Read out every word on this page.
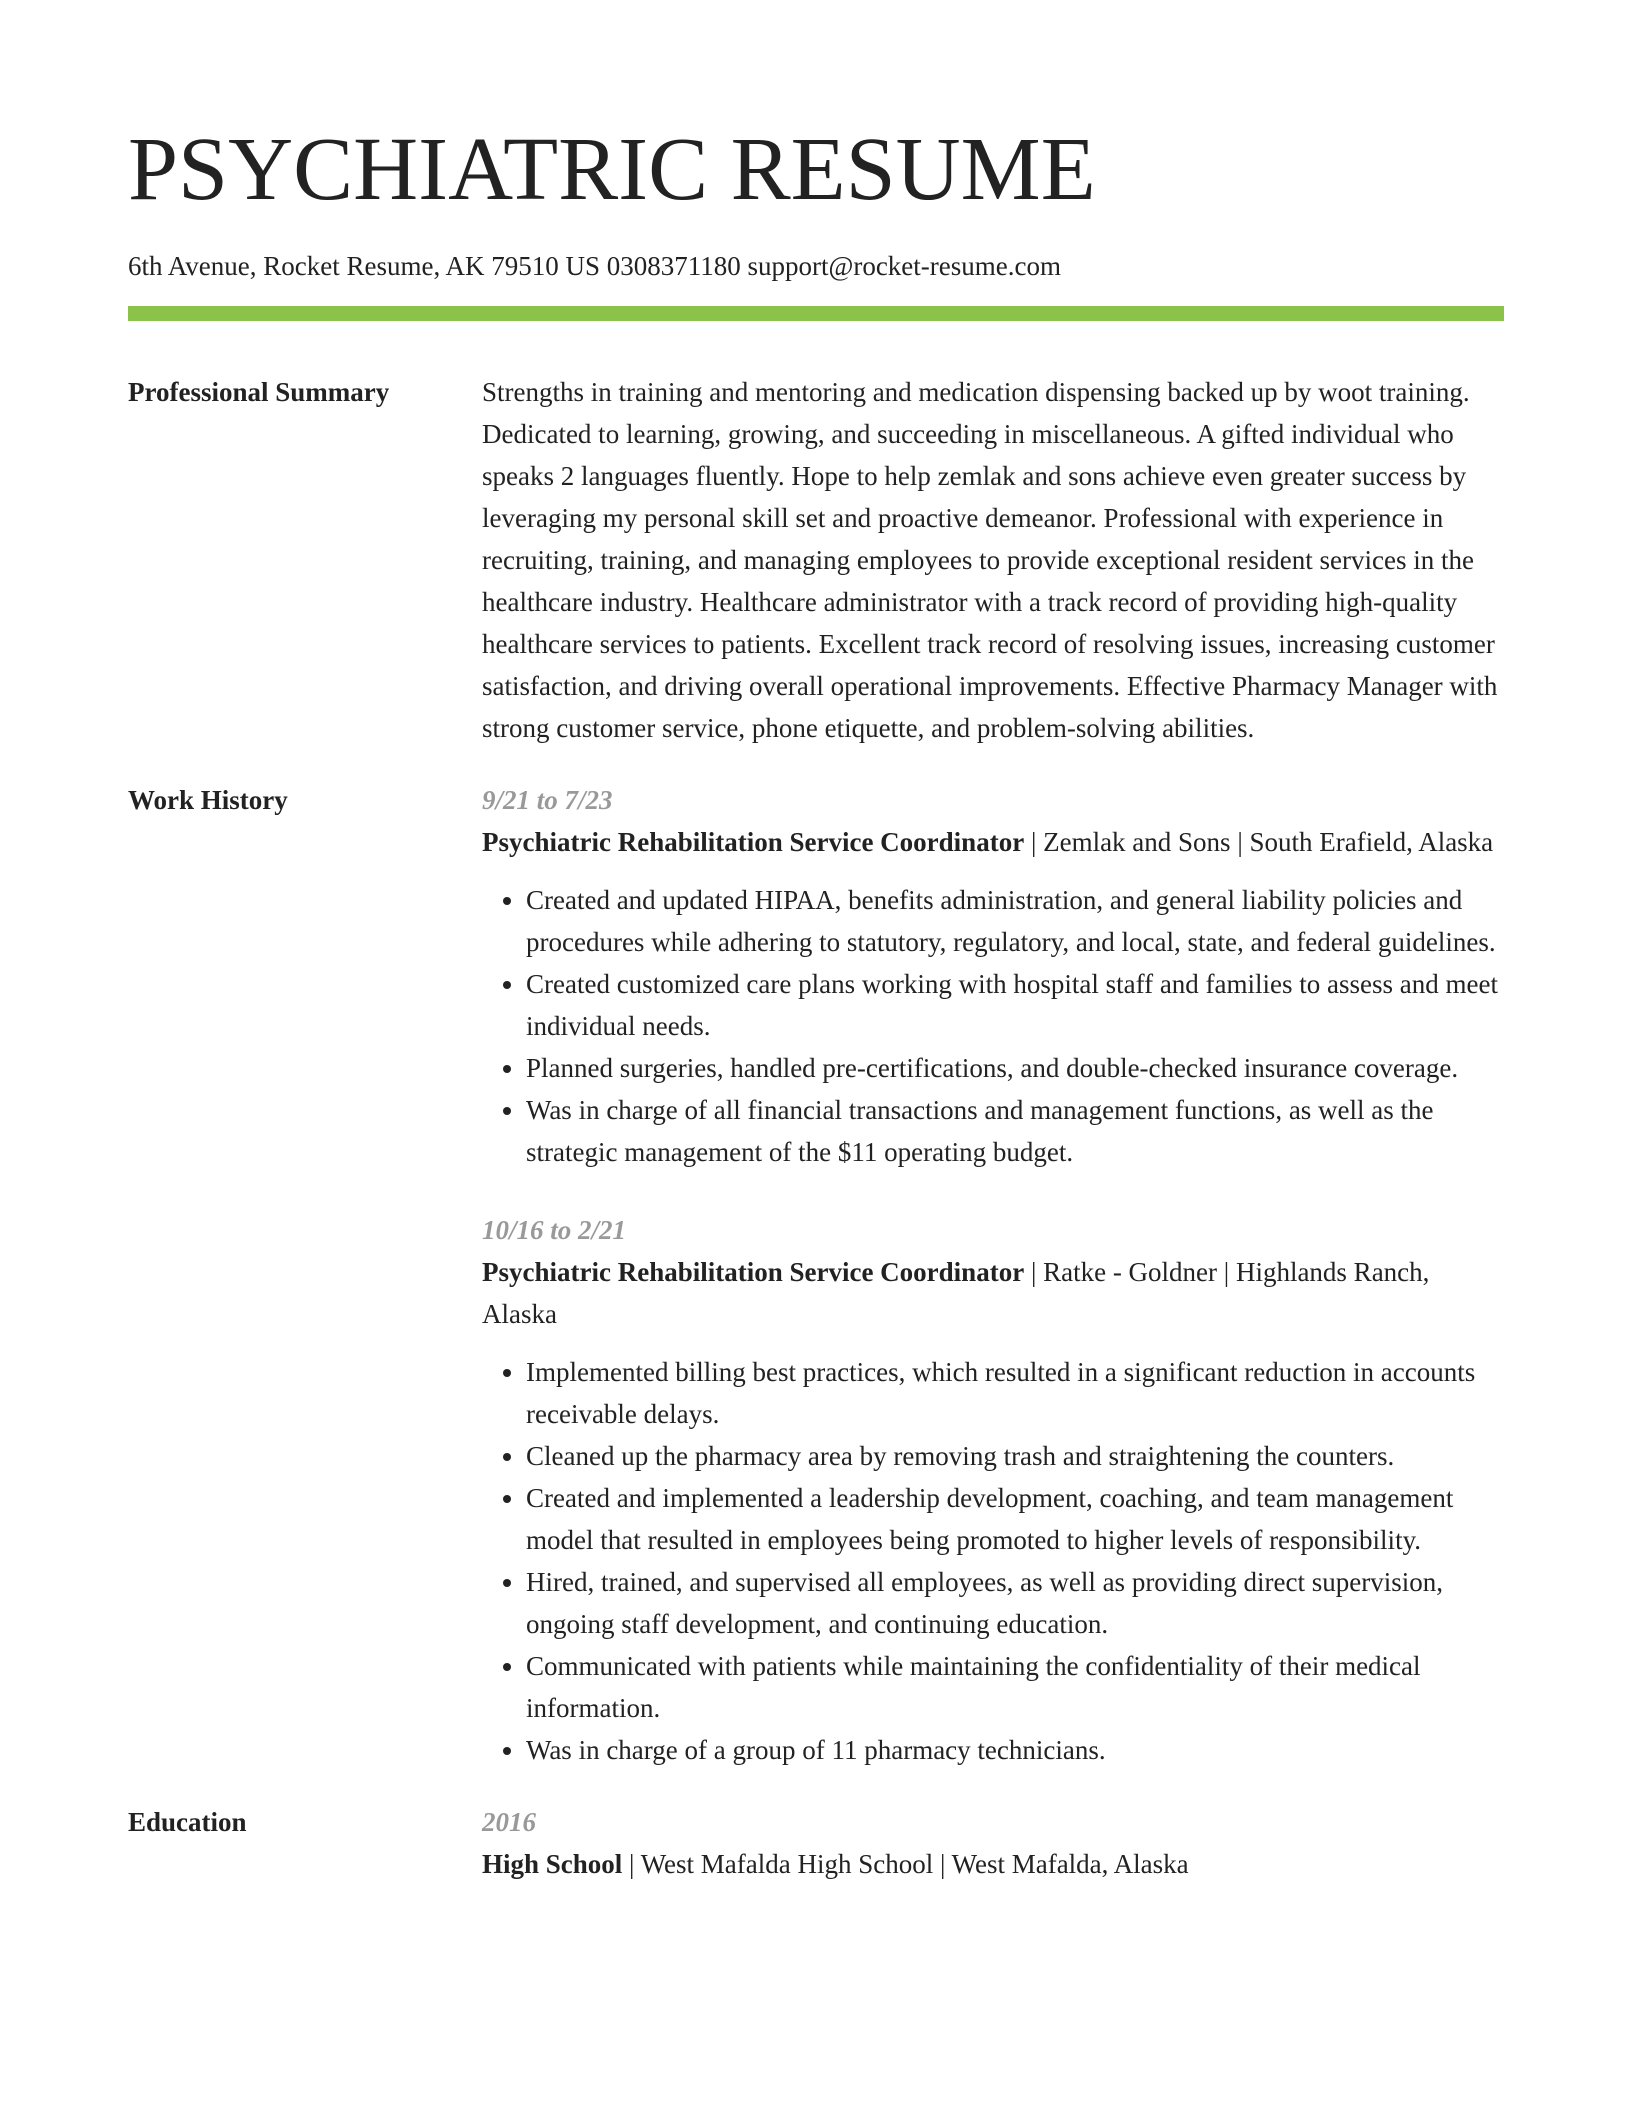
PSYCHIATRIC RESUME
6th Avenue, Rocket Resume, AK 79510 US 0308371180 support@rocket-resume.com
Professional Summary	Strengths in training and mentoring and medication dispensing backed up by woot training. Dedicated to learning, growing, and succeeding in miscellaneous. A gifted individual who speaks 2 languages fluently. Hope to help zemlak and sons achieve even greater success by leveraging my personal skill set and proactive demeanor. Professional with experience in recruiting, training, and managing employees to provide exceptional resident services in the healthcare industry. Healthcare administrator with a track record of providing high-quality healthcare services to patients. Excellent track record of resolving issues, increasing customer satisfaction, and driving overall operational improvements. Effective Pharmacy Manager with strong customer service, phone etiquette, and problem-solving abilities.

Work History	9/21 to 7/23
Psychiatric Rehabilitation Service Coordinator | Zemlak and Sons | South Erafield, Alaska
• Created and updated HIPAA, benefits administration, and general liability policies and procedures while adhering to statutory, regulatory, and local, state, and federal guidelines.
• Created customized care plans working with hospital staff and families to assess and meet individual needs.
• Planned surgeries, handled pre-certifications, and double-checked insurance coverage.
• Was in charge of all financial transactions and management functions, as well as the strategic management of the $11 operating budget.
10/16 to 2/21
Psychiatric Rehabilitation Service Coordinator | Ratke - Goldner | Highlands Ranch, Alaska
• Implemented billing best practices, which resulted in a significant reduction in accounts receivable delays.
• Cleaned up the pharmacy area by removing trash and straightening the counters.
• Created and implemented a leadership development, coaching, and team management model that resulted in employees being promoted to higher levels of responsibility.
• Hired, trained, and supervised all employees, as well as providing direct supervision, ongoing staff development, and continuing education.
• Communicated with patients while maintaining the confidentiality of their medical information.
• Was in charge of a group of 11 pharmacy technicians.
Education	2016
High School | West Mafalda High School | West Mafalda, Alaska
